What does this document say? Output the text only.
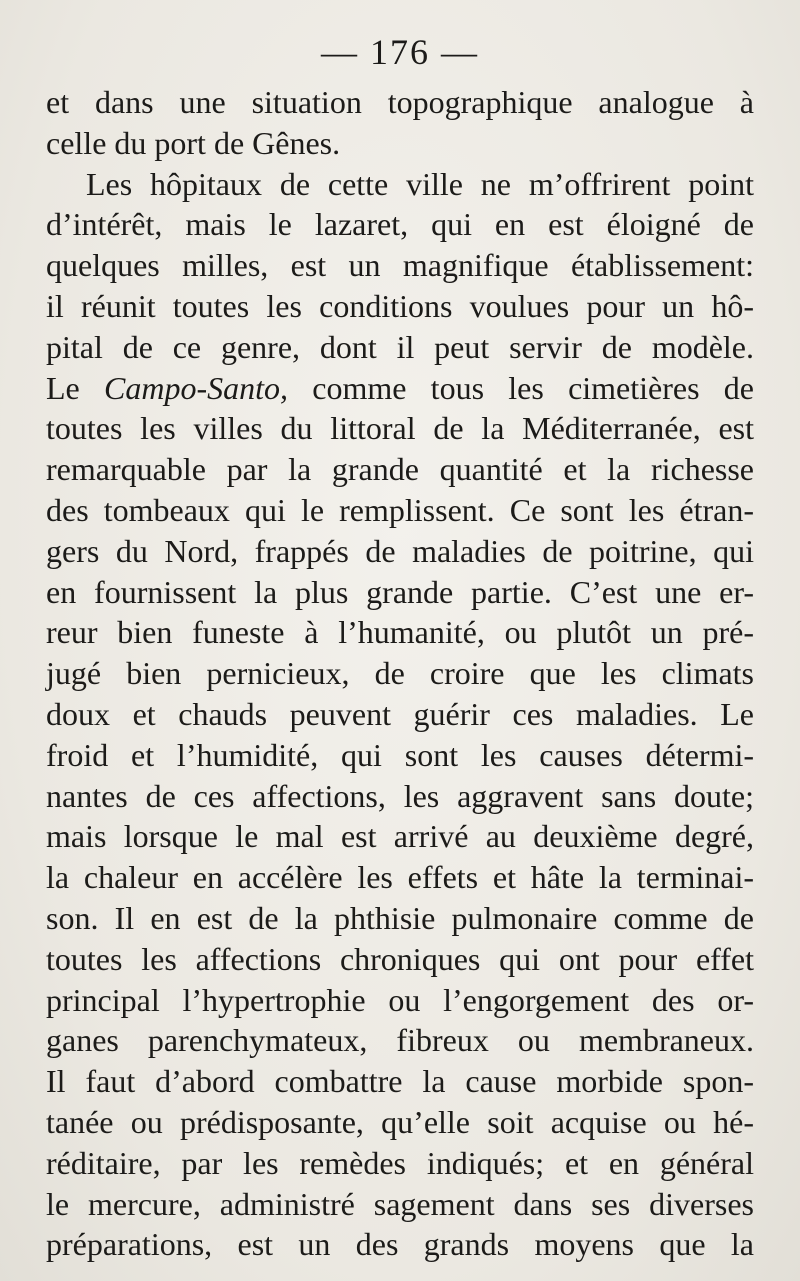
— 176 —
et dans une situation topographique analogue à
celle du port de Gênes.
Les hôpitaux de cette ville ne m’offrirent point
d’intérêt, mais le lazaret, qui en est éloigné de
quelques milles, est un magnifique établissement:
il réunit toutes les conditions voulues pour un hô-
pital de ce genre, dont il peut servir de modèle.
Le Campo-Santo, comme tous les cimetières de
toutes les villes du littoral de la Méditerranée, est
remarquable par la grande quantité et la richesse
des tombeaux qui le remplissent. Ce sont les étran-
gers du Nord, frappés de maladies de poitrine, qui
en fournissent la plus grande partie. C’est une er-
reur bien funeste à l’humanité, ou plutôt un pré-
jugé bien pernicieux, de croire que les climats
doux et chauds peuvent guérir ces maladies. Le
froid et l’humidité, qui sont les causes détermi-
nantes de ces affections, les aggravent sans doute;
mais lorsque le mal est arrivé au deuxième degré,
la chaleur en accélère les effets et hâte la terminai-
son. Il en est de la phthisie pulmonaire comme de
toutes les affections chroniques qui ont pour effet
principal l’hypertrophie ou l’engorgement des or-
ganes parenchymateux, fibreux ou membraneux.
Il faut d’abord combattre la cause morbide spon-
tanée ou prédisposante, qu’elle soit acquise ou hé-
réditaire, par les remèdes indiqués; et en général
le mercure, administré sagement dans ses diverses
préparations, est un des grands moyens que la
